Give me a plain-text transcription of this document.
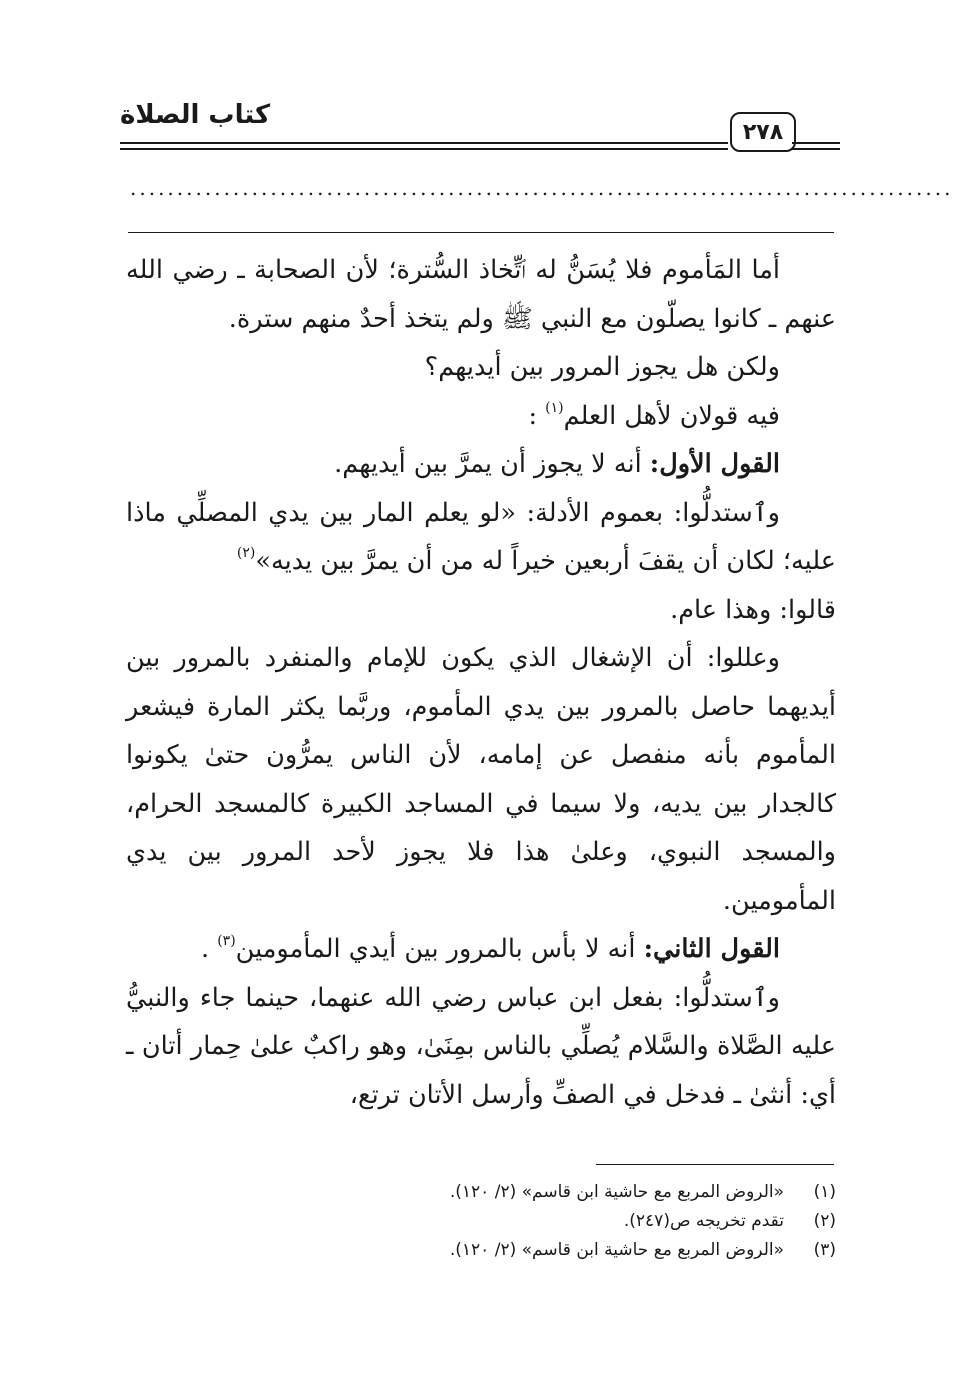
كتاب الصلاة
٢٧٨
........................................................................................

أما المَأموم فلا يُسَنُّ له ٱتِّخاذ السُّترة؛ لأن الصحابة ـ رضي الله عنهم ـ كانوا يصلّون مع النبي ﷺ ولم يتخذ أحدٌ منهم سترة.

ولكن هل يجوز المرور بين أيديهم؟

فيه قولان لأهل العلم$^{(١)}$ :

القول الأول: أنه لا يجوز أن يمرَّ بين أيديهم.

وٱستدلُّوا: بعموم الأدلة: «لو يعلم المار بين يدي المصلِّي ماذا عليه؛ لكان أن يقفَ أربعين خيراً له من أن يمرَّ بين يديه»$^{(٢)}$

قالوا: وهذا عام.

وعللوا: أن الإشغال الذي يكون للإمام والمنفرد بالمرور بين أيديهما حاصل بالمرور بين يدي المأموم، وربَّما يكثر المارة فيشعر المأموم بأنه منفصل عن إمامه، لأن الناس يمرُّون حتىٰ يكونوا كالجدار بين يديه، ولا سيما في المساجد الكبيرة كالمسجد الحرام، والمسجد النبوي، وعلىٰ هذا فلا يجوز لأحد المرور بين يدي المأمومين.

القول الثاني: أنه لا بأس بالمرور بين أيدي المأمومين$^{(٣)}$ .

وٱستدلُّوا: بفعل ابن عباس رضي الله عنهما، حينما جاء والنبيُّ عليه الصَّلاة والسَّلام يُصلِّي بالناس بمِنَىٰ، وهو راكبٌ علىٰ حِمار أتان ـ أي: أنثىٰ ـ فدخل في الصفِّ وأرسل الأتان ترتع،

(١)
«الروض المربع مع حاشية ابن قاسم» (٢/ ١٢٠).
(٢)
تقدم تخريجه ص(٢٤٧).
(٣)
«الروض المربع مع حاشية ابن قاسم» (٢/ ١٢٠).
